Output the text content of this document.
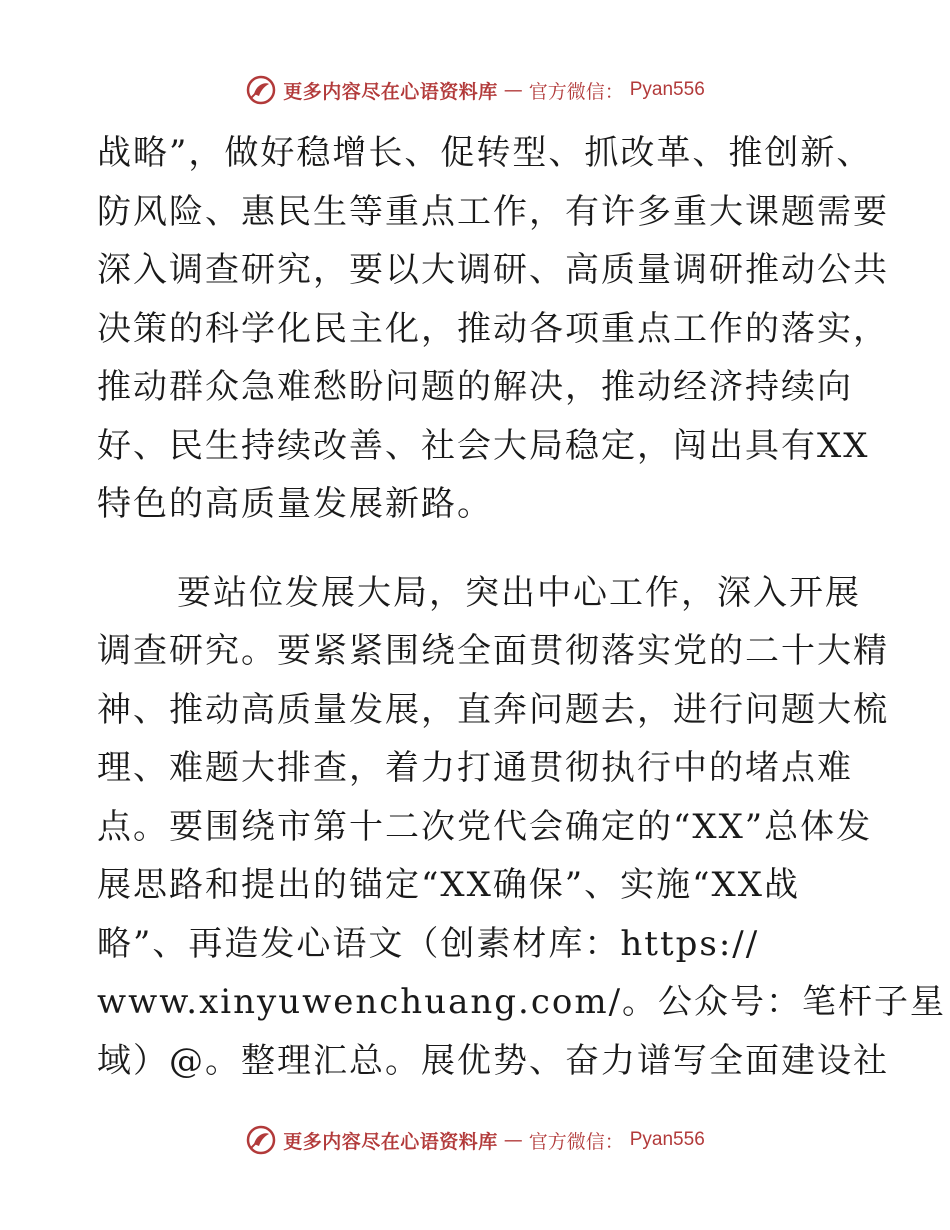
更多内容尽在心语资料库 — 官方微信： Pyan556

战略”，做好稳增长、促转型、抓改革、推创新、
防风险、惠民生等重点工作，有许多重大课题需要
深入调查研究，要以大调研、高质量调研推动公共
决策的科学化民主化，推动各项重点工作的落实，
推动群众急难愁盼问题的解决，推动经济持续向
好、民生持续改善、社会大局稳定，闯出具有XX
特色的高质量发展新路。

要站位发展大局，突出中心工作，深入开展
调查研究。要紧紧围绕全面贯彻落实党的二十大精
神、推动高质量发展，直奔问题去，进行问题大梳
理、难题大排查，着力打通贯彻执行中的堵点难
点。要围绕市第十二次党代会确定的“XX”总体发
展思路和提出的锚定“XX确保”、实施“XX战
略”、再造发心语文（创素材库：https://
www.xinyuwenchuang.com/。公众号：笔杆子星
域）@。整理汇总。展优势、奋力谱写全面建设社

更多内容尽在心语资料库 — 官方微信： Pyan556
